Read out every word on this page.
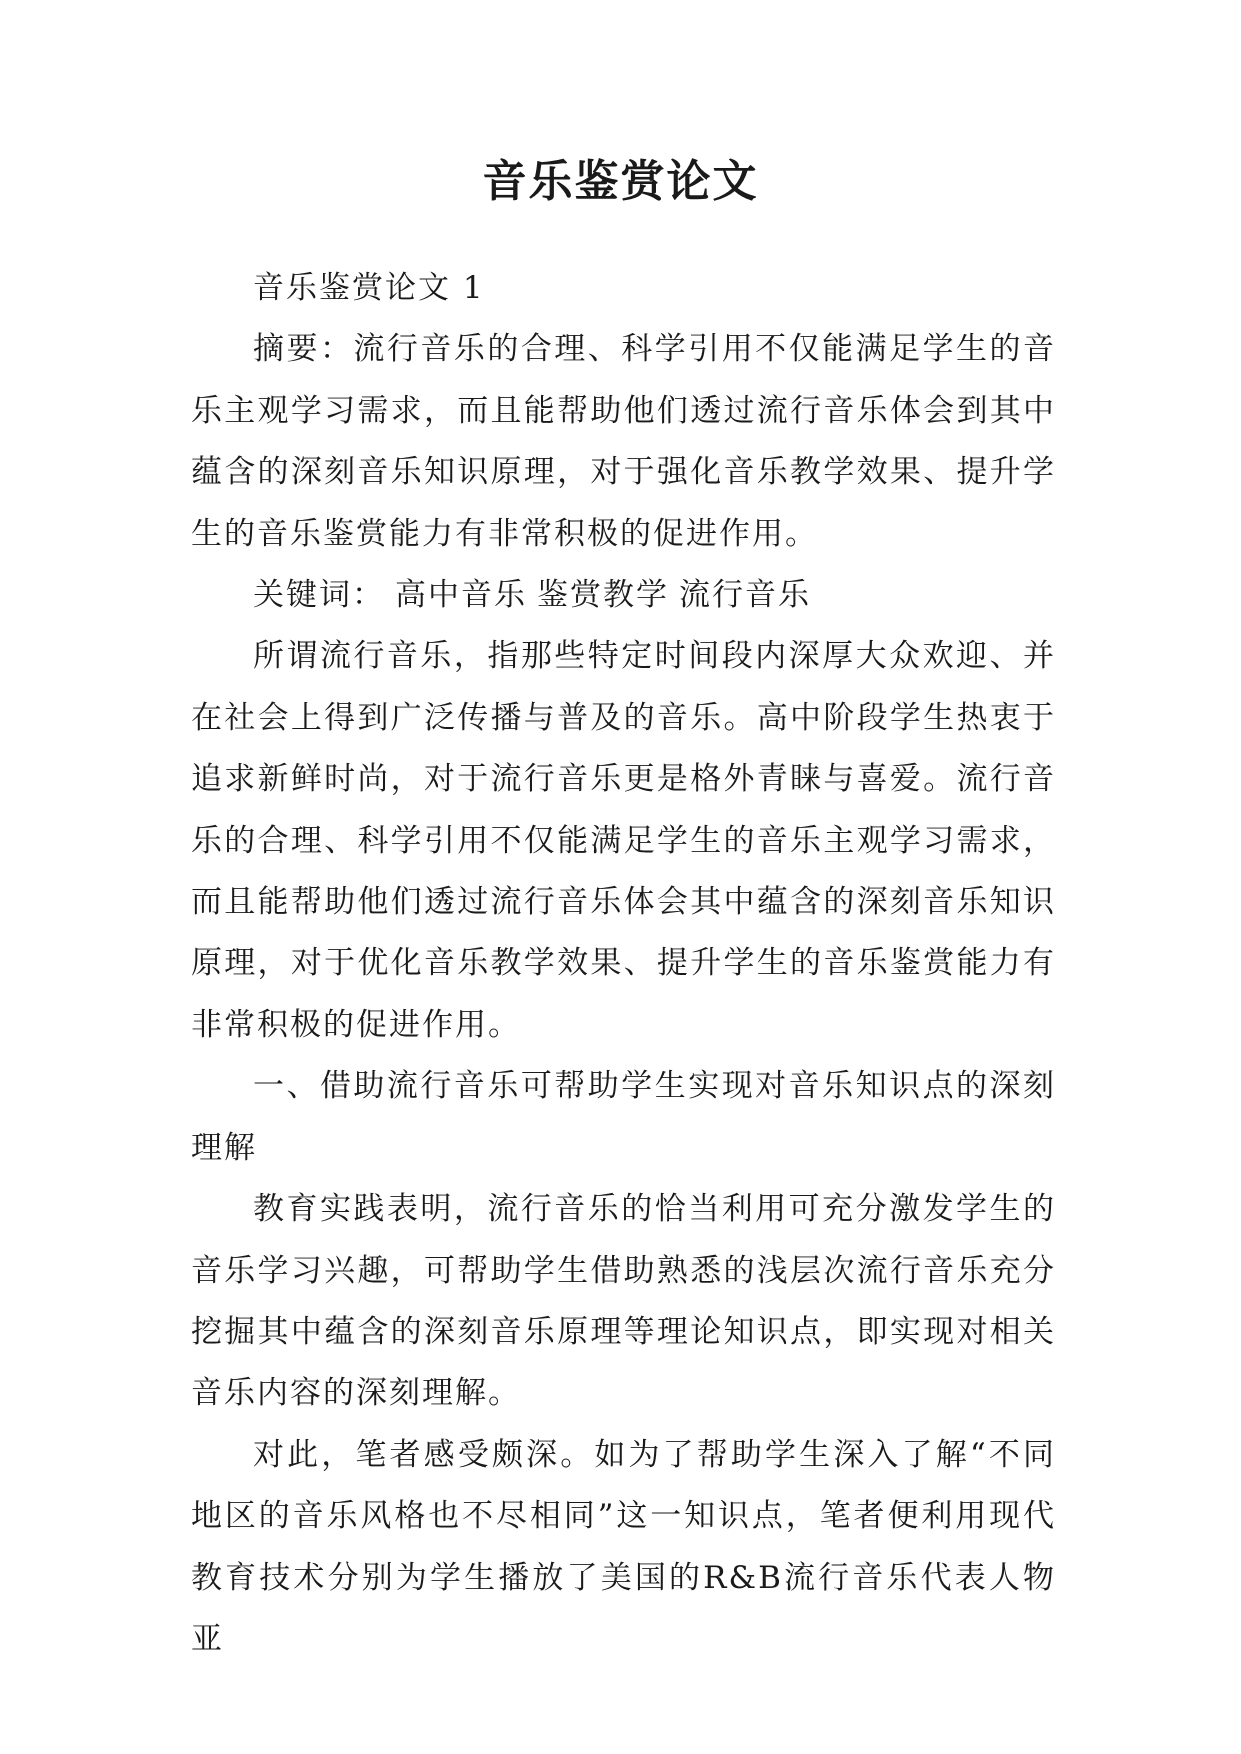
音乐鉴赏论文

音乐鉴赏论文 1

摘要：流行音乐的合理、科学引用不仅能满足学生的音乐主观学习需求，而且能帮助他们透过流行音乐体会到其中蕴含的深刻音乐知识原理，对于强化音乐教学效果、提升学生的音乐鉴赏能力有非常积极的促进作用。

关键词： 高中音乐 鉴赏教学 流行音乐

所谓流行音乐，指那些特定时间段内深厚大众欢迎、并在社会上得到广泛传播与普及的音乐。高中阶段学生热衷于追求新鲜时尚，对于流行音乐更是格外青睐与喜爱。流行音乐的合理、科学引用不仅能满足学生的音乐主观学习需求，而且能帮助他们透过流行音乐体会其中蕴含的深刻音乐知识原理，对于优化音乐教学效果、提升学生的音乐鉴赏能力有非常积极的促进作用。

一、借助流行音乐可帮助学生实现对音乐知识点的深刻理解

教育实践表明，流行音乐的恰当利用可充分激发学生的音乐学习兴趣，可帮助学生借助熟悉的浅层次流行音乐充分挖掘其中蕴含的深刻音乐原理等理论知识点，即实现对相关音乐内容的深刻理解。

对此，笔者感受颇深。如为了帮助学生深入了解“不同地区的音乐风格也不尽相同”这一知识点，笔者便利用现代教育技术分别为学生播放了美国的R&B流行音乐代表人物亚
